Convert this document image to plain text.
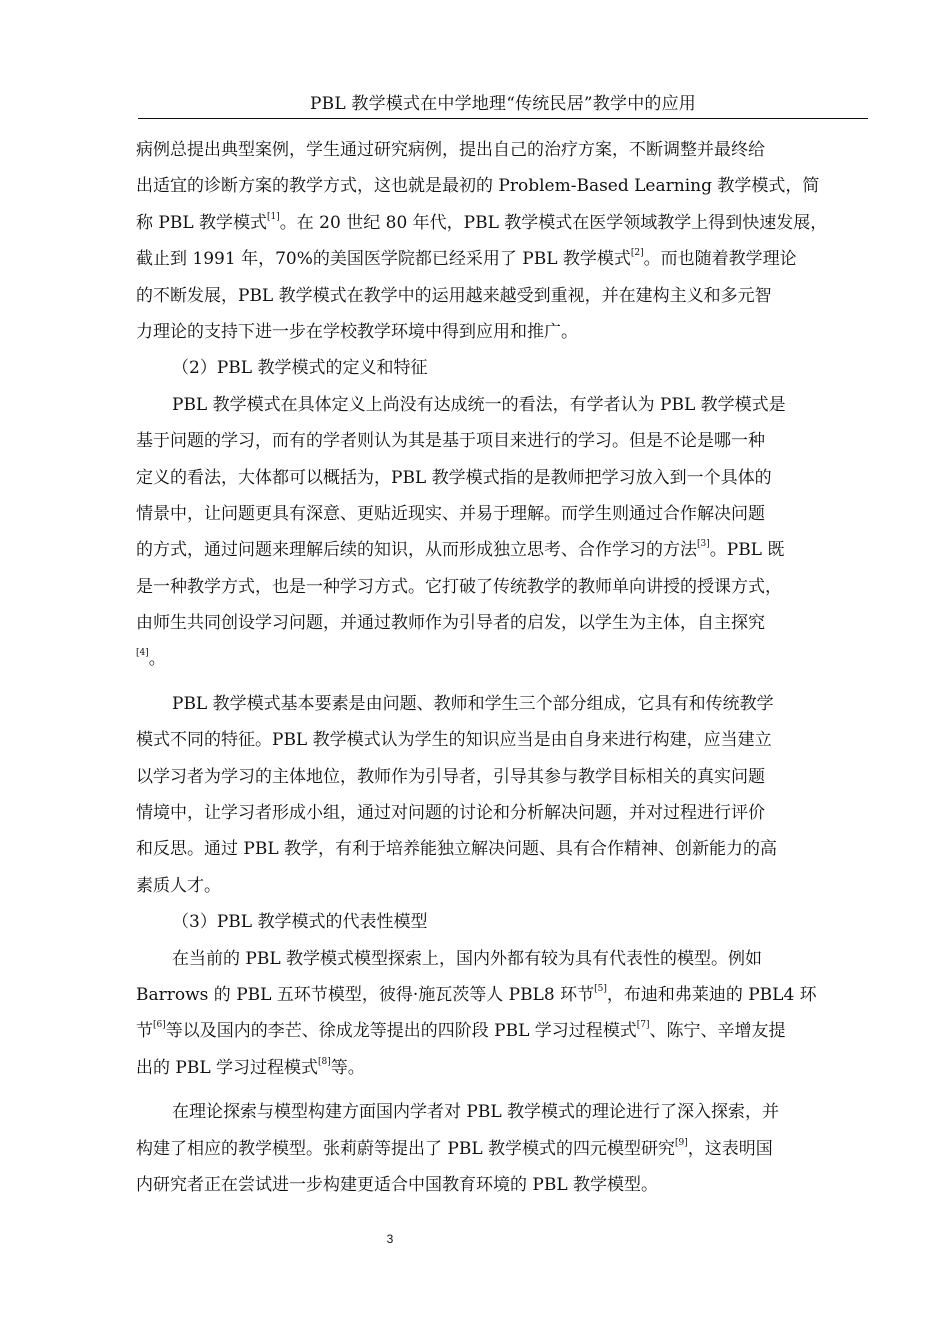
PBL 教学模式在中学地理“传统民居”教学中的应用
病例总提出典型案例，学生通过研究病例，提出自己的治疗方案，不断调整并最终给
出适宜的诊断方案的教学方式，这也就是最初的 Problem-Based Learning 教学模式，简
称 PBL 教学模式[1]。在 20 世纪 80 年代，PBL 教学模式在医学领域教学上得到快速发展，
截止到 1991 年，70%的美国医学院都已经采用了 PBL 教学模式[2]。而也随着教学理论
的不断发展，PBL 教学模式在教学中的运用越来越受到重视，并在建构主义和多元智
力理论的支持下进一步在学校教学环境中得到应用和推广。
（2）PBL 教学模式的定义和特征
PBL 教学模式在具体定义上尚没有达成统一的看法，有学者认为 PBL 教学模式是
基于问题的学习，而有的学者则认为其是基于项目来进行的学习。但是不论是哪一种
定义的看法，大体都可以概括为，PBL 教学模式指的是教师把学习放入到一个具体的
情景中，让问题更具有深意、更贴近现实、并易于理解。而学生则通过合作解决问题
的方式，通过问题来理解后续的知识，从而形成独立思考、合作学习的方法[3]。PBL 既
是一种教学方式，也是一种学习方式。它打破了传统教学的教师单向讲授的授课方式，
由师生共同创设学习问题，并通过教师作为引导者的启发，以学生为主体，自主探究
[4]。
PBL 教学模式基本要素是由问题、教师和学生三个部分组成，它具有和传统教学
模式不同的特征。PBL 教学模式认为学生的知识应当是由自身来进行构建，应当建立
以学习者为学习的主体地位，教师作为引导者，引导其参与教学目标相关的真实问题
情境中，让学习者形成小组，通过对问题的讨论和分析解决问题，并对过程进行评价
和反思。通过 PBL 教学，有利于培养能独立解决问题、具有合作精神、创新能力的高
素质人才。
（3）PBL 教学模式的代表性模型
在当前的 PBL 教学模式模型探索上，国内外都有较为具有代表性的模型。例如
Barrows 的 PBL 五环节模型，彼得·施瓦茨等人 PBL8 环节[5]，布迪和弗莱迪的 PBL4 环
节[6]等以及国内的李芒、徐成龙等提出的四阶段 PBL 学习过程模式[7]、陈宁、辛增友提
出的 PBL 学习过程模式[8]等。
在理论探索与模型构建方面国内学者对 PBL 教学模式的理论进行了深入探索，并
构建了相应的教学模型。张莉蔚等提出了 PBL 教学模式的四元模型研究[9]，这表明国
内研究者正在尝试进一步构建更适合中国教育环境的 PBL 教学模型。
3
